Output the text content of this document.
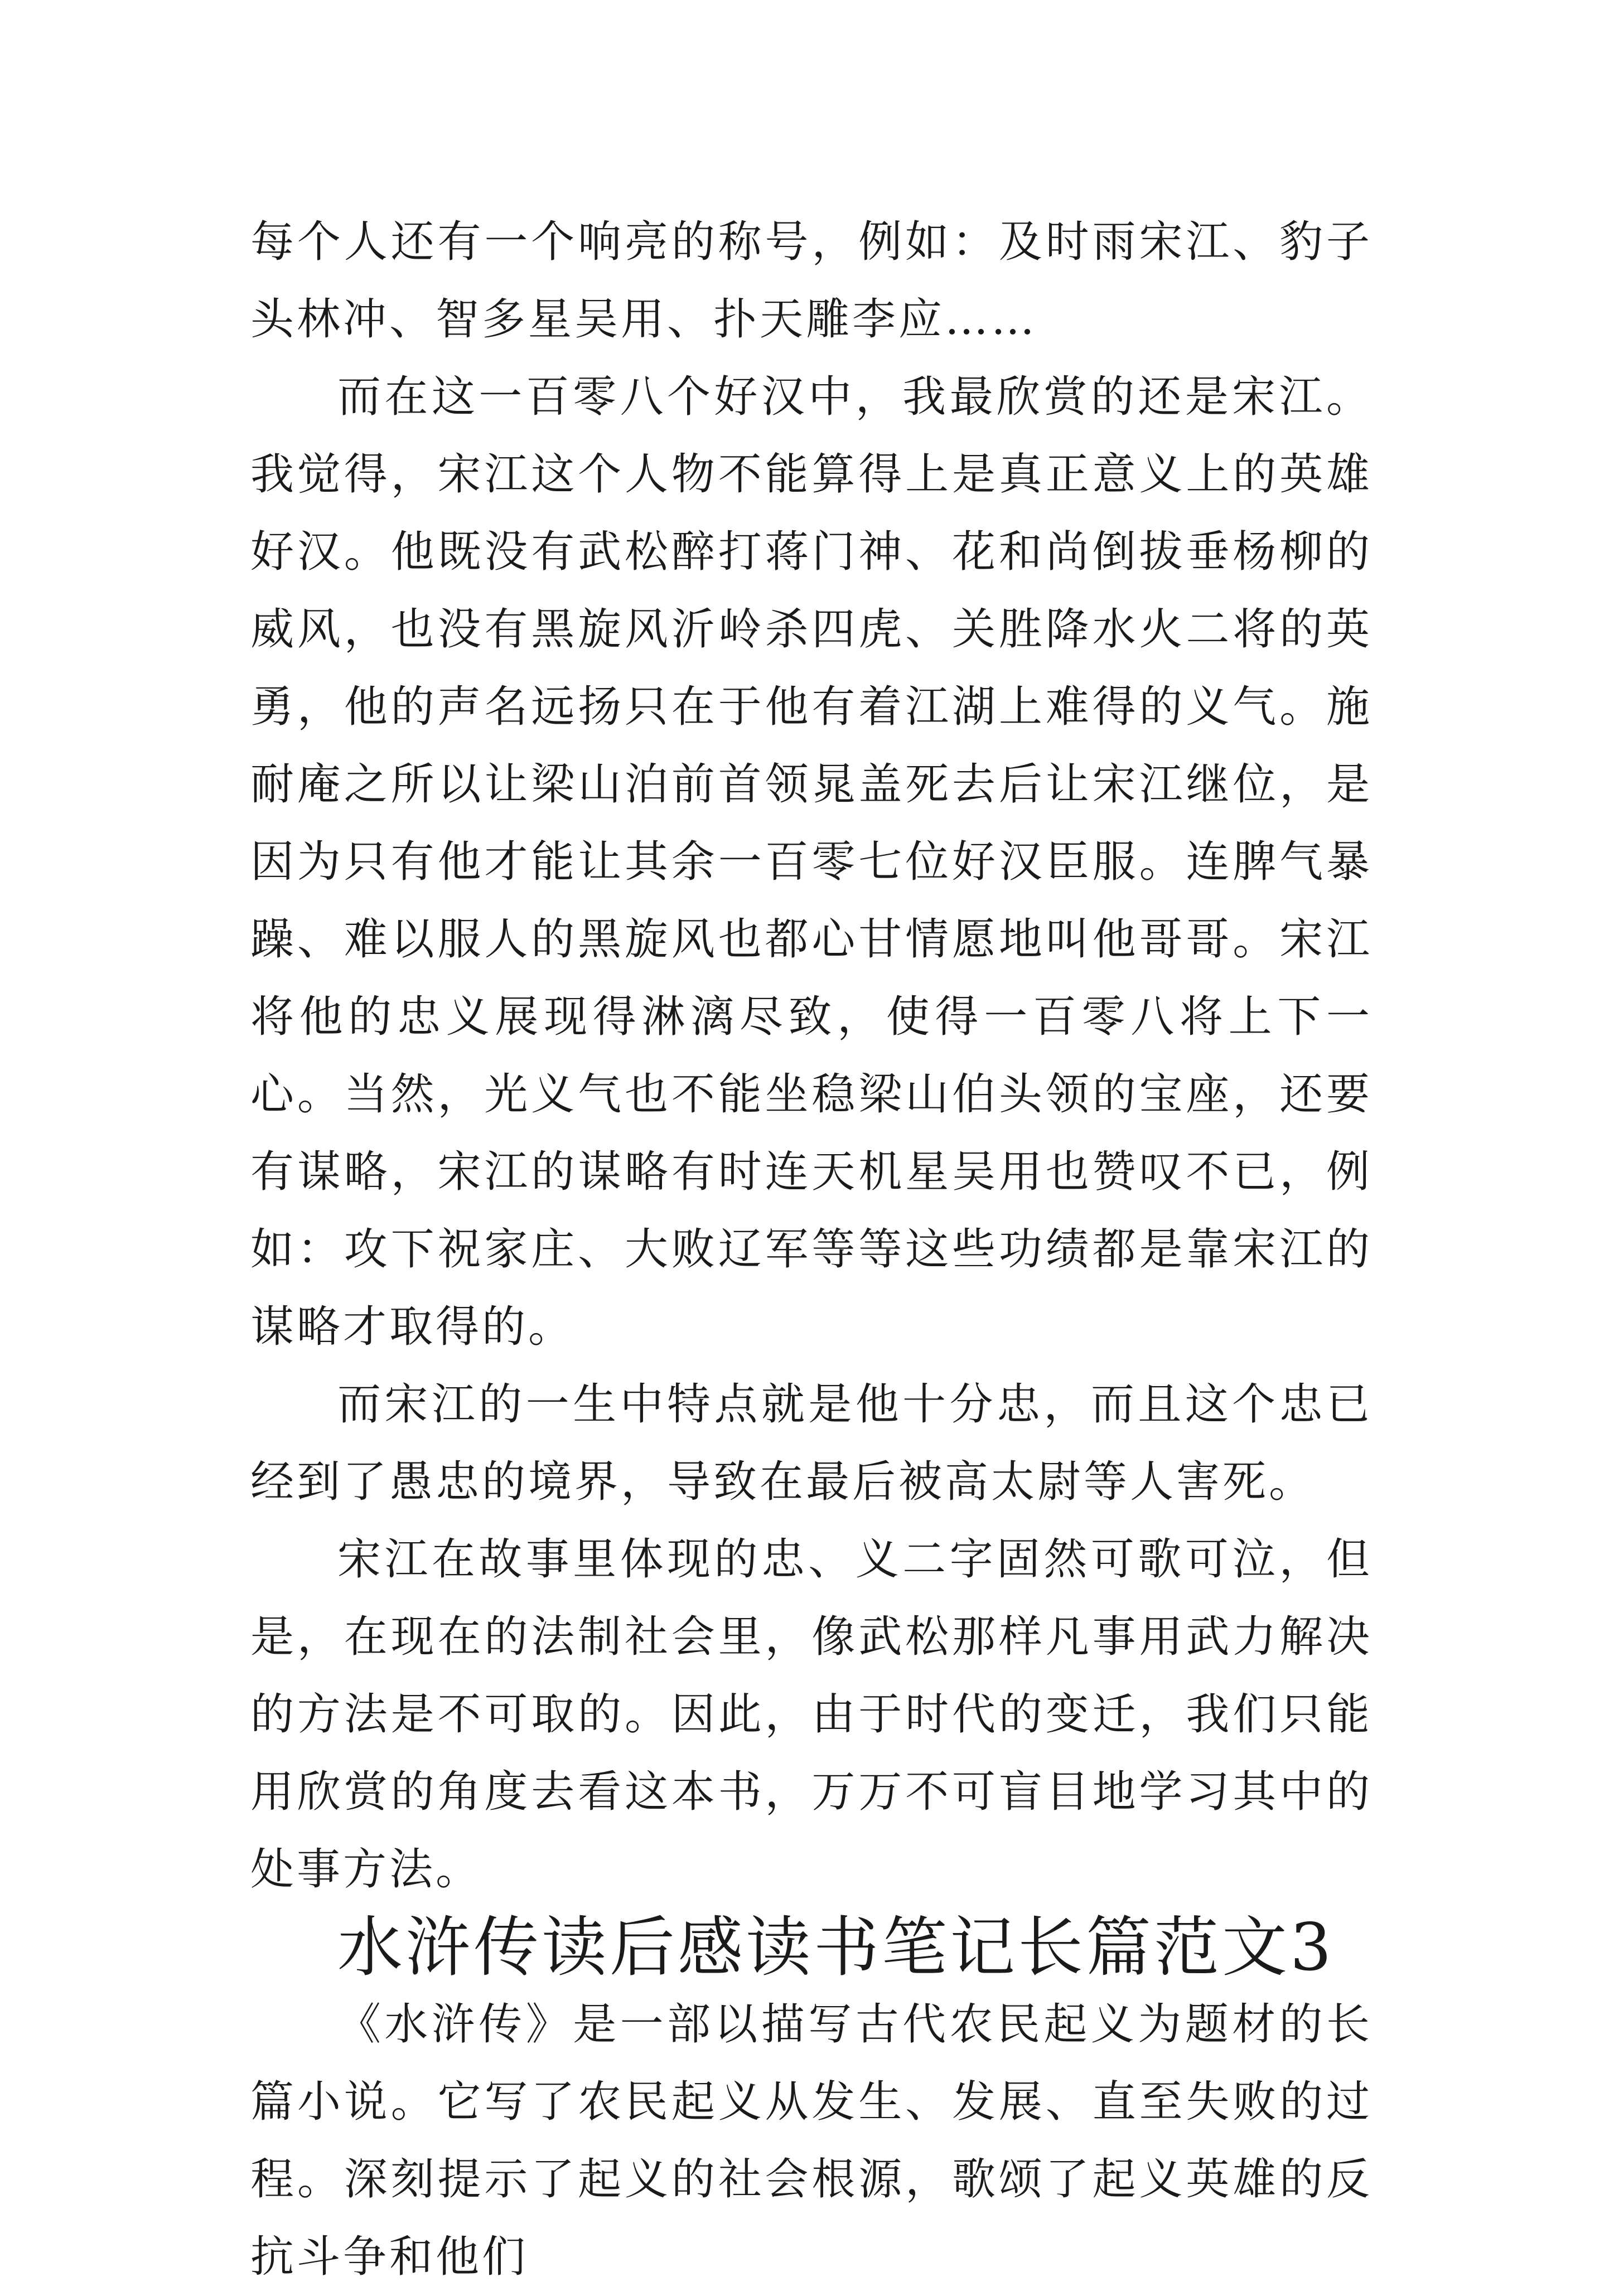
每个人还有一个响亮的称号，例如：及时雨宋江、豹子头林冲、智多星吴用、扑天雕李应……

而在这一百零八个好汉中，我最欣赏的还是宋江。我觉得，宋江这个人物不能算得上是真正意义上的英雄好汉。他既没有武松醉打蒋门神、花和尚倒拔垂杨柳的威风，也没有黑旋风沂岭杀四虎、关胜降水火二将的英勇，他的声名远扬只在于他有着江湖上难得的义气。施耐庵之所以让梁山泊前首领晁盖死去后让宋江继位，是因为只有他才能让其余一百零七位好汉臣服。连脾气暴躁、难以服人的黑旋风也都心甘情愿地叫他哥哥。宋江将他的忠义展现得淋漓尽致，使得一百零八将上下一心。当然，光义气也不能坐稳梁山伯头领的宝座，还要有谋略，宋江的谋略有时连天机星吴用也赞叹不已，例如：攻下祝家庄、大败辽军等等这些功绩都是靠宋江的谋略才取得的。

而宋江的一生中特点就是他十分忠，而且这个忠已经到了愚忠的境界，导致在最后被高太尉等人害死。

宋江在故事里体现的忠、义二字固然可歌可泣，但是，在现在的法制社会里，像武松那样凡事用武力解决的方法是不可取的。因此，由于时代的变迁，我们只能用欣赏的角度去看这本书，万万不可盲目地学习其中的处事方法。

水浒传读后感读书笔记长篇范文3

《水浒传》是一部以描写古代农民起义为题材的长篇小说。它写了农民起义从发生、发展、直至失败的过程。深刻提示了起义的社会根源，歌颂了起义英雄的反抗斗争和他们
